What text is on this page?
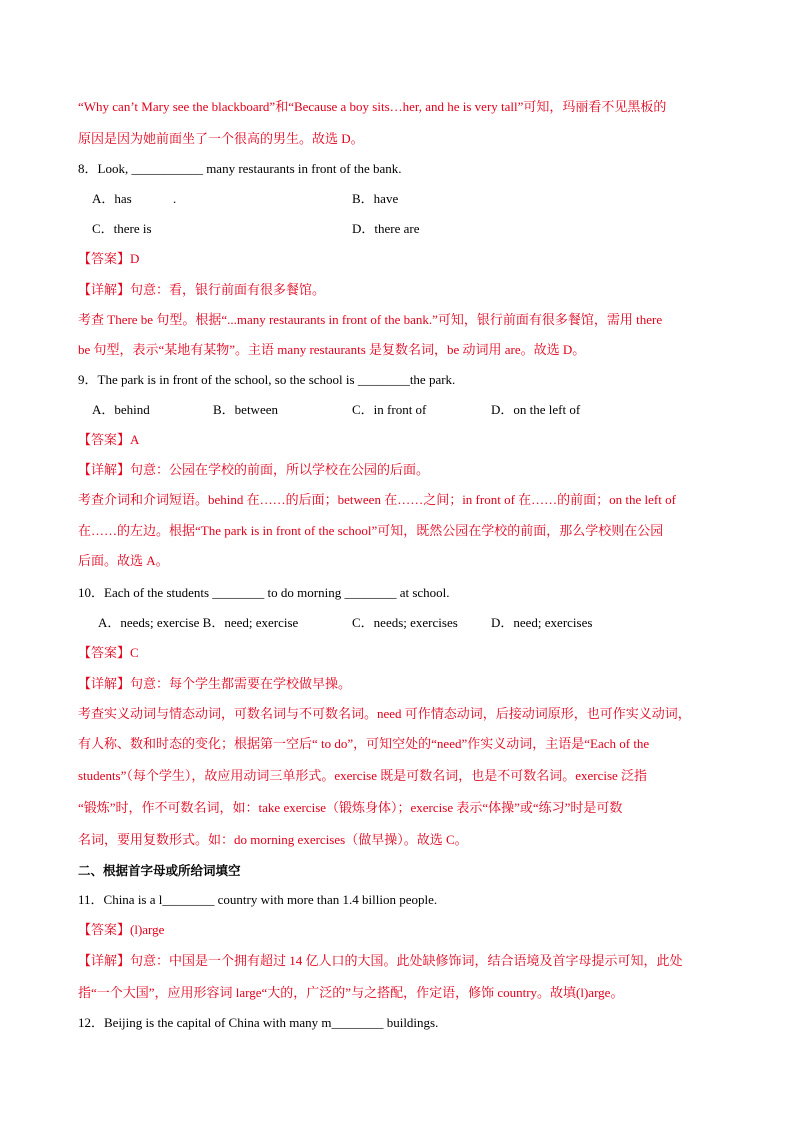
“Why can’t Mary see the blackboard”和“Because a boy sits…her, and he is very tall”可知，玛丽看不见黑板的
原因是因为她前面坐了一个很高的男生。故选 D。
8．Look, ___________ many restaurants in front of the bank.
A．has	.	B．have
C．there is	D．there are
【答案】D
【详解】句意：看，银行前面有很多餐馆。
考查 There be 句型。根据“...many restaurants in front of the bank.”可知，银行前面有很多餐馆，需用 there
be 句型，表示“某地有某物”。主语 many restaurants 是复数名词，be 动词用 are。故选 D。
9．The park is in front of the school, so the school is ________the park.
A．behind	B．between	C．in front of	D．on the left of
【答案】A
【详解】句意：公园在学校的前面，所以学校在公园的后面。
考查介词和介词短语。behind 在……的后面；between 在……之间；in front of 在……的前面；on the left of
在……的左边。根据“The park is in front of the school”可知，既然公园在学校的前面，那么学校则在公园
后面。故选 A。
10．Each of the students ________ to do morning ________ at school.
A．needs; exercise B．need; exercise	C．needs; exercises	D．need; exercises
【答案】C
【详解】句意：每个学生都需要在学校做早操。
考查实义动词与情态动词，可数名词与不可数名词。need 可作情态动词，后接动词原形，也可作实义动词，
有人称、数和时态的变化；根据第一空后“ to do”，可知空处的“need”作实义动词，主语是“Each of the
students”（每个学生），故应用动词三单形式。exercise 既是可数名词，也是不可数名词。exercise 泛指
“锻炼”时，作不可数名词，如：take exercise（锻炼身体）；exercise 表示“体操”或“练习”时是可数
名词，要用复数形式。如：do morning exercises（做早操）。故选 C。
二、根据首字母或所给词填空
11．China is a l________ country with more than 1.4 billion people.
【答案】(l)arge
【详解】句意：中国是一个拥有超过 14 亿人口的大国。此处缺修饰词，结合语境及首字母提示可知，此处
指“一个大国”，应用形容词 large“大的，广泛的”与之搭配，作定语，修饰 country。故填(l)arge。
12．Beijing is the capital of China with many m________ buildings.
